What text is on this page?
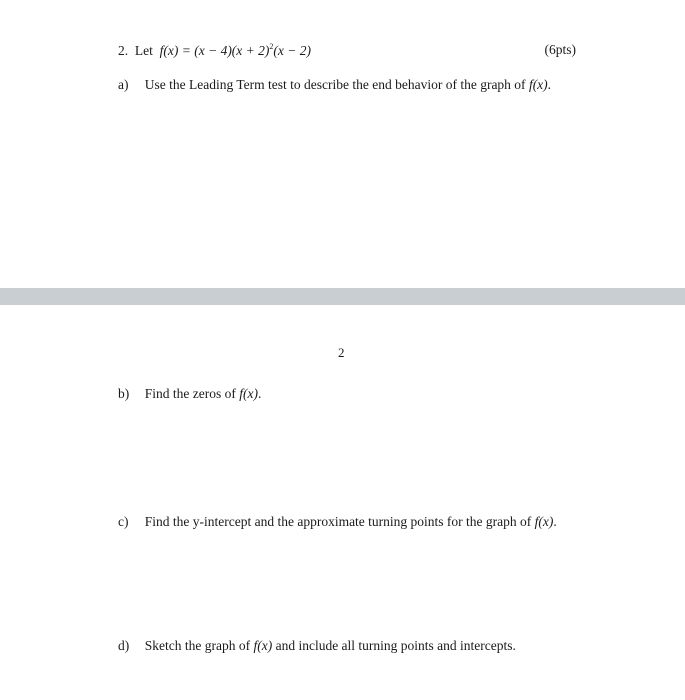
2. Let $f(x) = (x - 4)(x + 2)^2(x - 2)$	(6pts)
a) Use the Leading Term test to describe the end behavior of the graph of f(x).
2
b) Find the zeros of f(x).
c) Find the y-intercept and the approximate turning points for the graph of f(x).
d) Sketch the graph of f(x) and include all turning points and intercepts.
